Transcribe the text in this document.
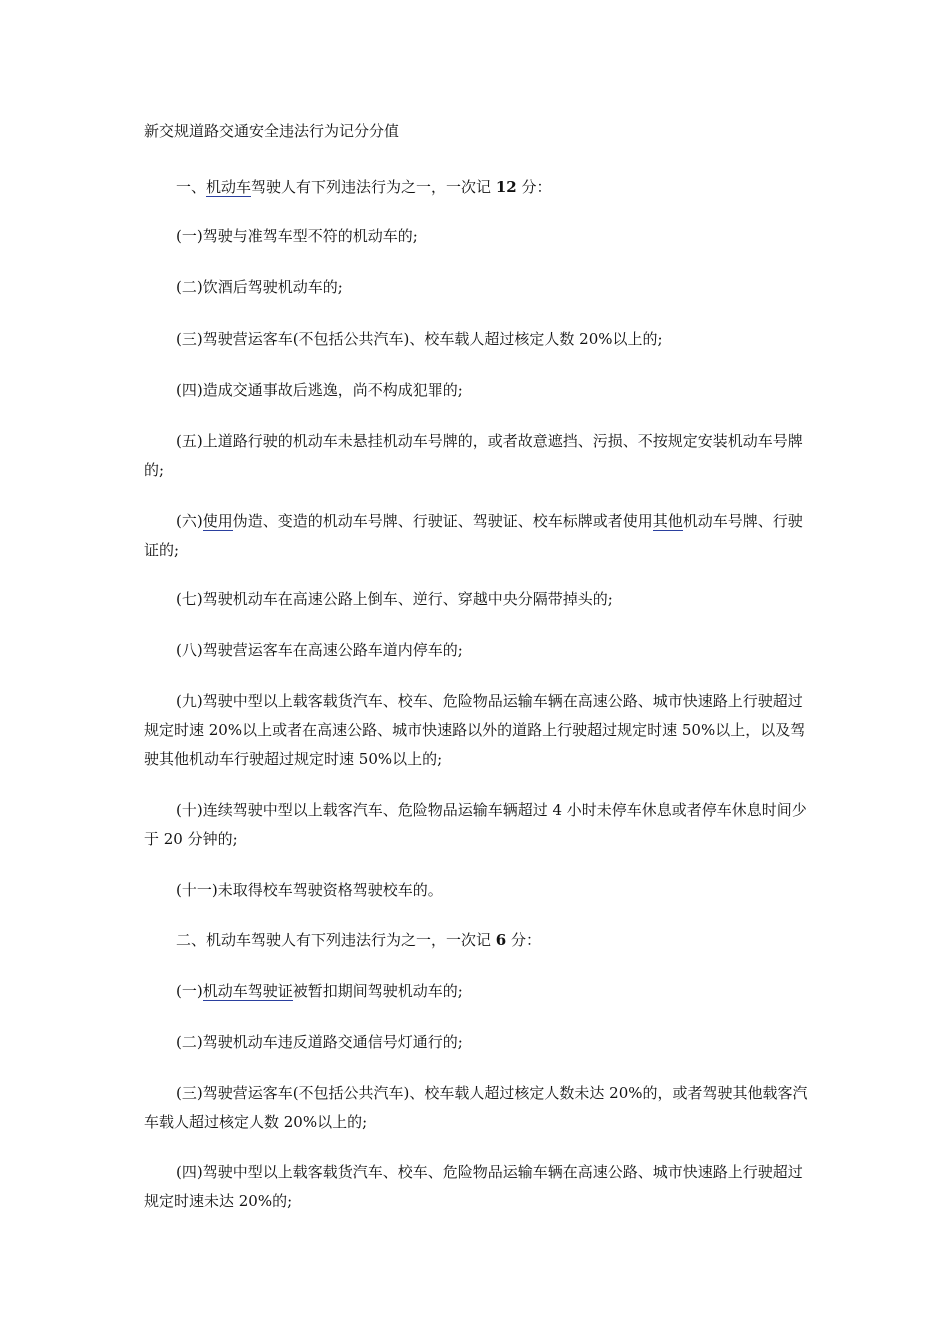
新交规道路交通安全违法行为记分分值

一、机动车驾驶人有下列违法行为之一，一次记 12 分：

(一)驾驶与准驾车型不符的机动车的;

(二)饮酒后驾驶机动车的;

(三)驾驶营运客车(不包括公共汽车)、校车载人超过核定人数 20%以上的;

(四)造成交通事故后逃逸，尚不构成犯罪的;

(五)上道路行驶的机动车未悬挂机动车号牌的，或者故意遮挡、污损、不按规定安装机动车号牌的;

(六)使用伪造、变造的机动车号牌、行驶证、驾驶证、校车标牌或者使用其他机动车号牌、行驶证的;

(七)驾驶机动车在高速公路上倒车、逆行、穿越中央分隔带掉头的;

(八)驾驶营运客车在高速公路车道内停车的;

(九)驾驶中型以上载客载货汽车、校车、危险物品运输车辆在高速公路、城市快速路上行驶超过规定时速 20%以上或者在高速公路、城市快速路以外的道路上行驶超过规定时速 50%以上，以及驾驶其他机动车行驶超过规定时速 50%以上的;

(十)连续驾驶中型以上载客汽车、危险物品运输车辆超过 4 小时未停车休息或者停车休息时间少于 20 分钟的;

(十一)未取得校车驾驶资格驾驶校车的。

二、机动车驾驶人有下列违法行为之一，一次记 6 分：

(一)机动车驾驶证被暂扣期间驾驶机动车的;

(二)驾驶机动车违反道路交通信号灯通行的;

(三)驾驶营运客车(不包括公共汽车)、校车载人超过核定人数未达 20%的，或者驾驶其他载客汽车载人超过核定人数 20%以上的;

(四)驾驶中型以上载客载货汽车、校车、危险物品运输车辆在高速公路、城市快速路上行驶超过规定时速未达 20%的;
